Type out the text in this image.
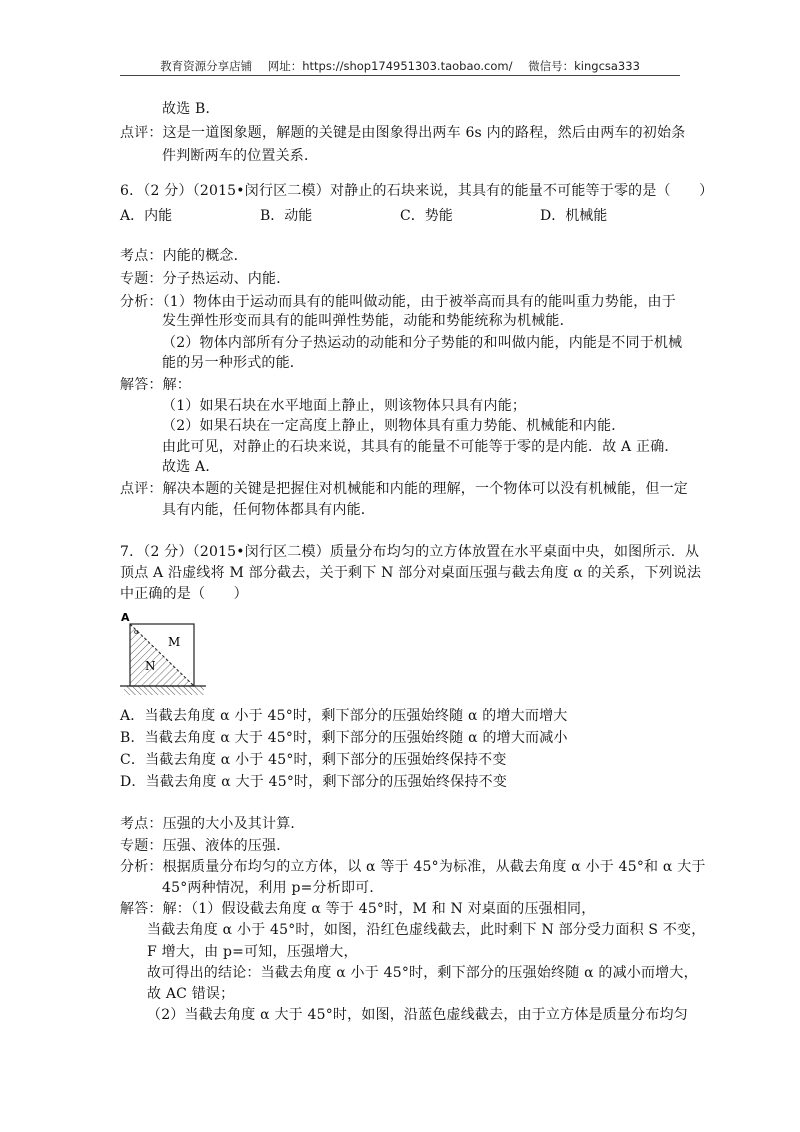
教育资源分享店铺 网址：https://shop174951303.taobao.com/ 微信号：kingcsa333
故选 B．
点评：这是一道图象题，解题的关键是由图象得出两车 6s 内的路程，然后由两车的初始条
件判断两车的位置关系．
6．（2 分）（2015•闵行区二模）对静止的石块来说，其具有的能量不可能等于零的是（　　）
A．内能	B．动能	C．势能	D．机械能
考点：内能的概念．
专题：分子热运动、内能．
分析：（1）物体由于运动而具有的能叫做动能，由于被举高而具有的能叫重力势能，由于
发生弹性形变而具有的能叫弹性势能，动能和势能统称为机械能．
（2）物体内部所有分子热运动的动能和分子势能的和叫做内能，内能是不同于机械
能的另一种形式的能．
解答：解：
（1）如果石块在水平地面上静止，则该物体只具有内能；
（2）如果石块在一定高度上静止，则物体具有重力势能、机械能和内能．
由此可见，对静止的石块来说，其具有的能量不可能等于零的是内能．故 A 正确．
故选 A．
点评：解决本题的关键是把握住对机械能和内能的理解，一个物体可以没有机械能，但一定
具有内能，任何物体都具有内能．
7．（2 分）（2015•闵行区二模）质量分布均匀的立方体放置在水平桌面中央，如图所示．从
顶点 A 沿虚线将 M 部分截去，关于剩下 N 部分对桌面压强与截去角度 α 的关系，下列说法
中正确的是（　　）
A
M
N
α
A．当截去角度 α 小于 45°时，剩下部分的压强始终随 α 的增大而增大
B．当截去角度 α 大于 45°时，剩下部分的压强始终随 α 的增大而减小
C．当截去角度 α 小于 45°时，剩下部分的压强始终保持不变
D．当截去角度 α 大于 45°时，剩下部分的压强始终保持不变
考点：压强的大小及其计算．
专题：压强、液体的压强．
分析：根据质量分布均匀的立方体，以 α 等于 45°为标准，从截去角度 α 小于 45°和 α 大于
45°两种情况，利用 p=分析即可．
解答：解：（1）假设截去角度 α 等于 45°时，M 和 N 对桌面的压强相同，
当截去角度 α 小于 45°时，如图，沿红色虚线截去，此时剩下 N 部分受力面积 S 不变，
F 增大，由 p=可知，压强增大，
故可得出的结论：当截去角度 α 小于 45°时，剩下部分的压强始终随 α 的减小而增大，
故 AC 错误；
（2）当截去角度 α 大于 45°时，如图，沿蓝色虚线截去，由于立方体是质量分布均匀
